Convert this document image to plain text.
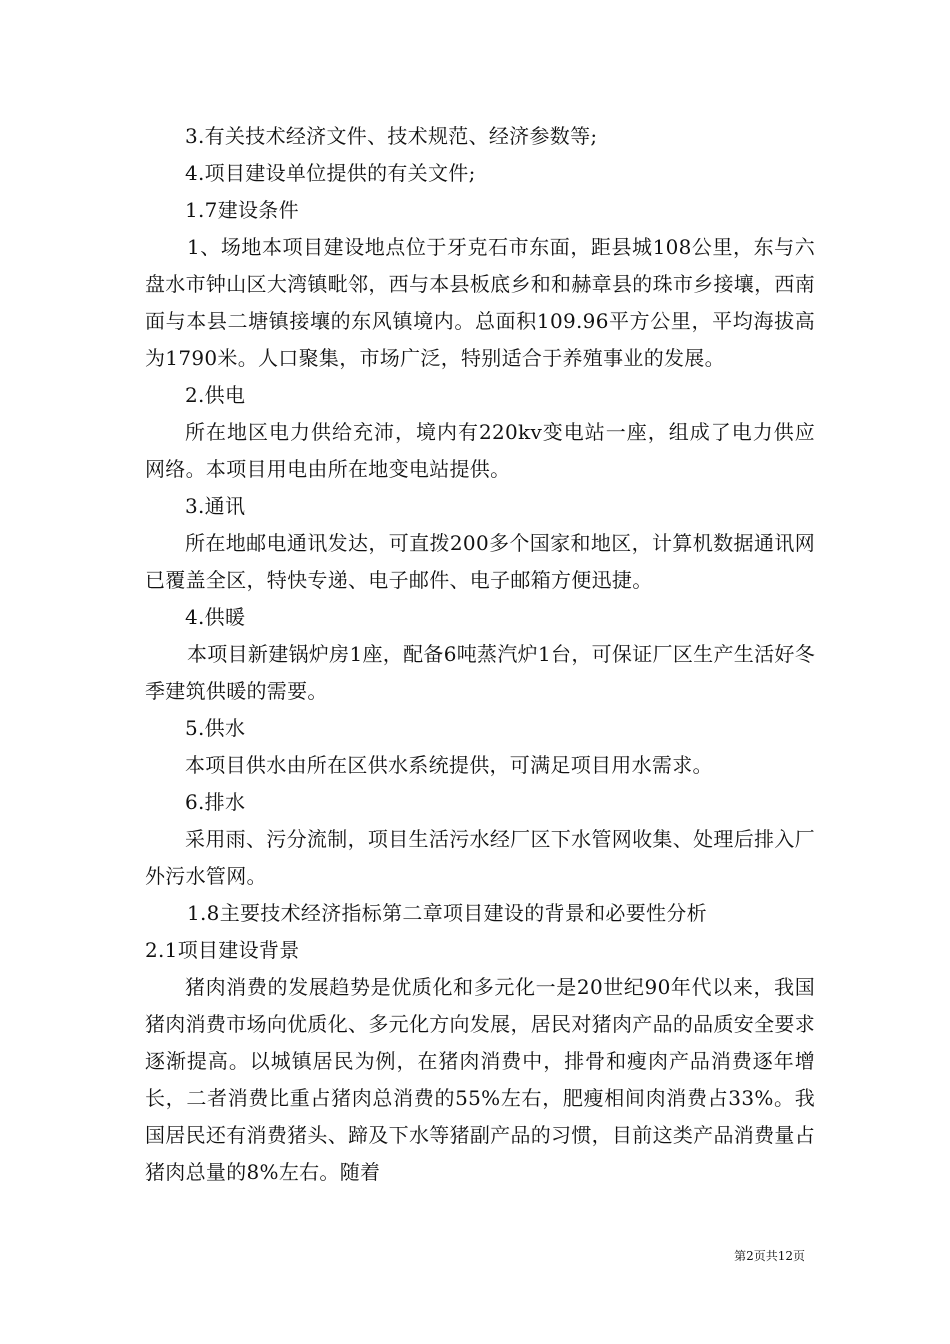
3.有关技术经济文件、技术规范、经济参数等;

4.项目建设单位提供的有关文件;

1.7建设条件

1、场地本项目建设地点位于牙克石市东面，距县城108公里，东与六盘水市钟山区大湾镇毗邻，西与本县板底乡和和赫章县的珠市乡接壤，西南面与本县二塘镇接壤的东风镇境内。总面积109.96平方公里，平均海拔高为1790米。人口聚集，市场广泛，特别适合于养殖事业的发展。

2.供电

所在地区电力供给充沛，境内有220kv变电站一座，组成了电力供应网络。本项目用电由所在地变电站提供。

3.通讯

所在地邮电通讯发达，可直拨200多个国家和地区，计算机数据通讯网已覆盖全区，特快专递、电子邮件、电子邮箱方便迅捷。

4.供暖

本项目新建锅炉房1座，配备6吨蒸汽炉1台，可保证厂区生产生活好冬季建筑供暖的需要。

5.供水

本项目供水由所在区供水系统提供，可满足项目用水需求。

6.排水

采用雨、污分流制，项目生活污水经厂区下水管网收集、处理后排入厂外污水管网。

1.8主要技术经济指标第二章项目建设的背景和必要性分析

2.1项目建设背景

猪肉消费的发展趋势是优质化和多元化一是20世纪90年代以来，我国猪肉消费市场向优质化、多元化方向发展，居民对猪肉产品的品质安全要求逐渐提高。以城镇居民为例，在猪肉消费中，排骨和瘦肉产品消费逐年增长，二者消费比重占猪肉总消费的55%左右，肥瘦相间肉消费占33%。我国居民还有消费猪头、蹄及下水等猪副产品的习惯，目前这类产品消费量占猪肉总量的8%左右。随着

第2页共12页
